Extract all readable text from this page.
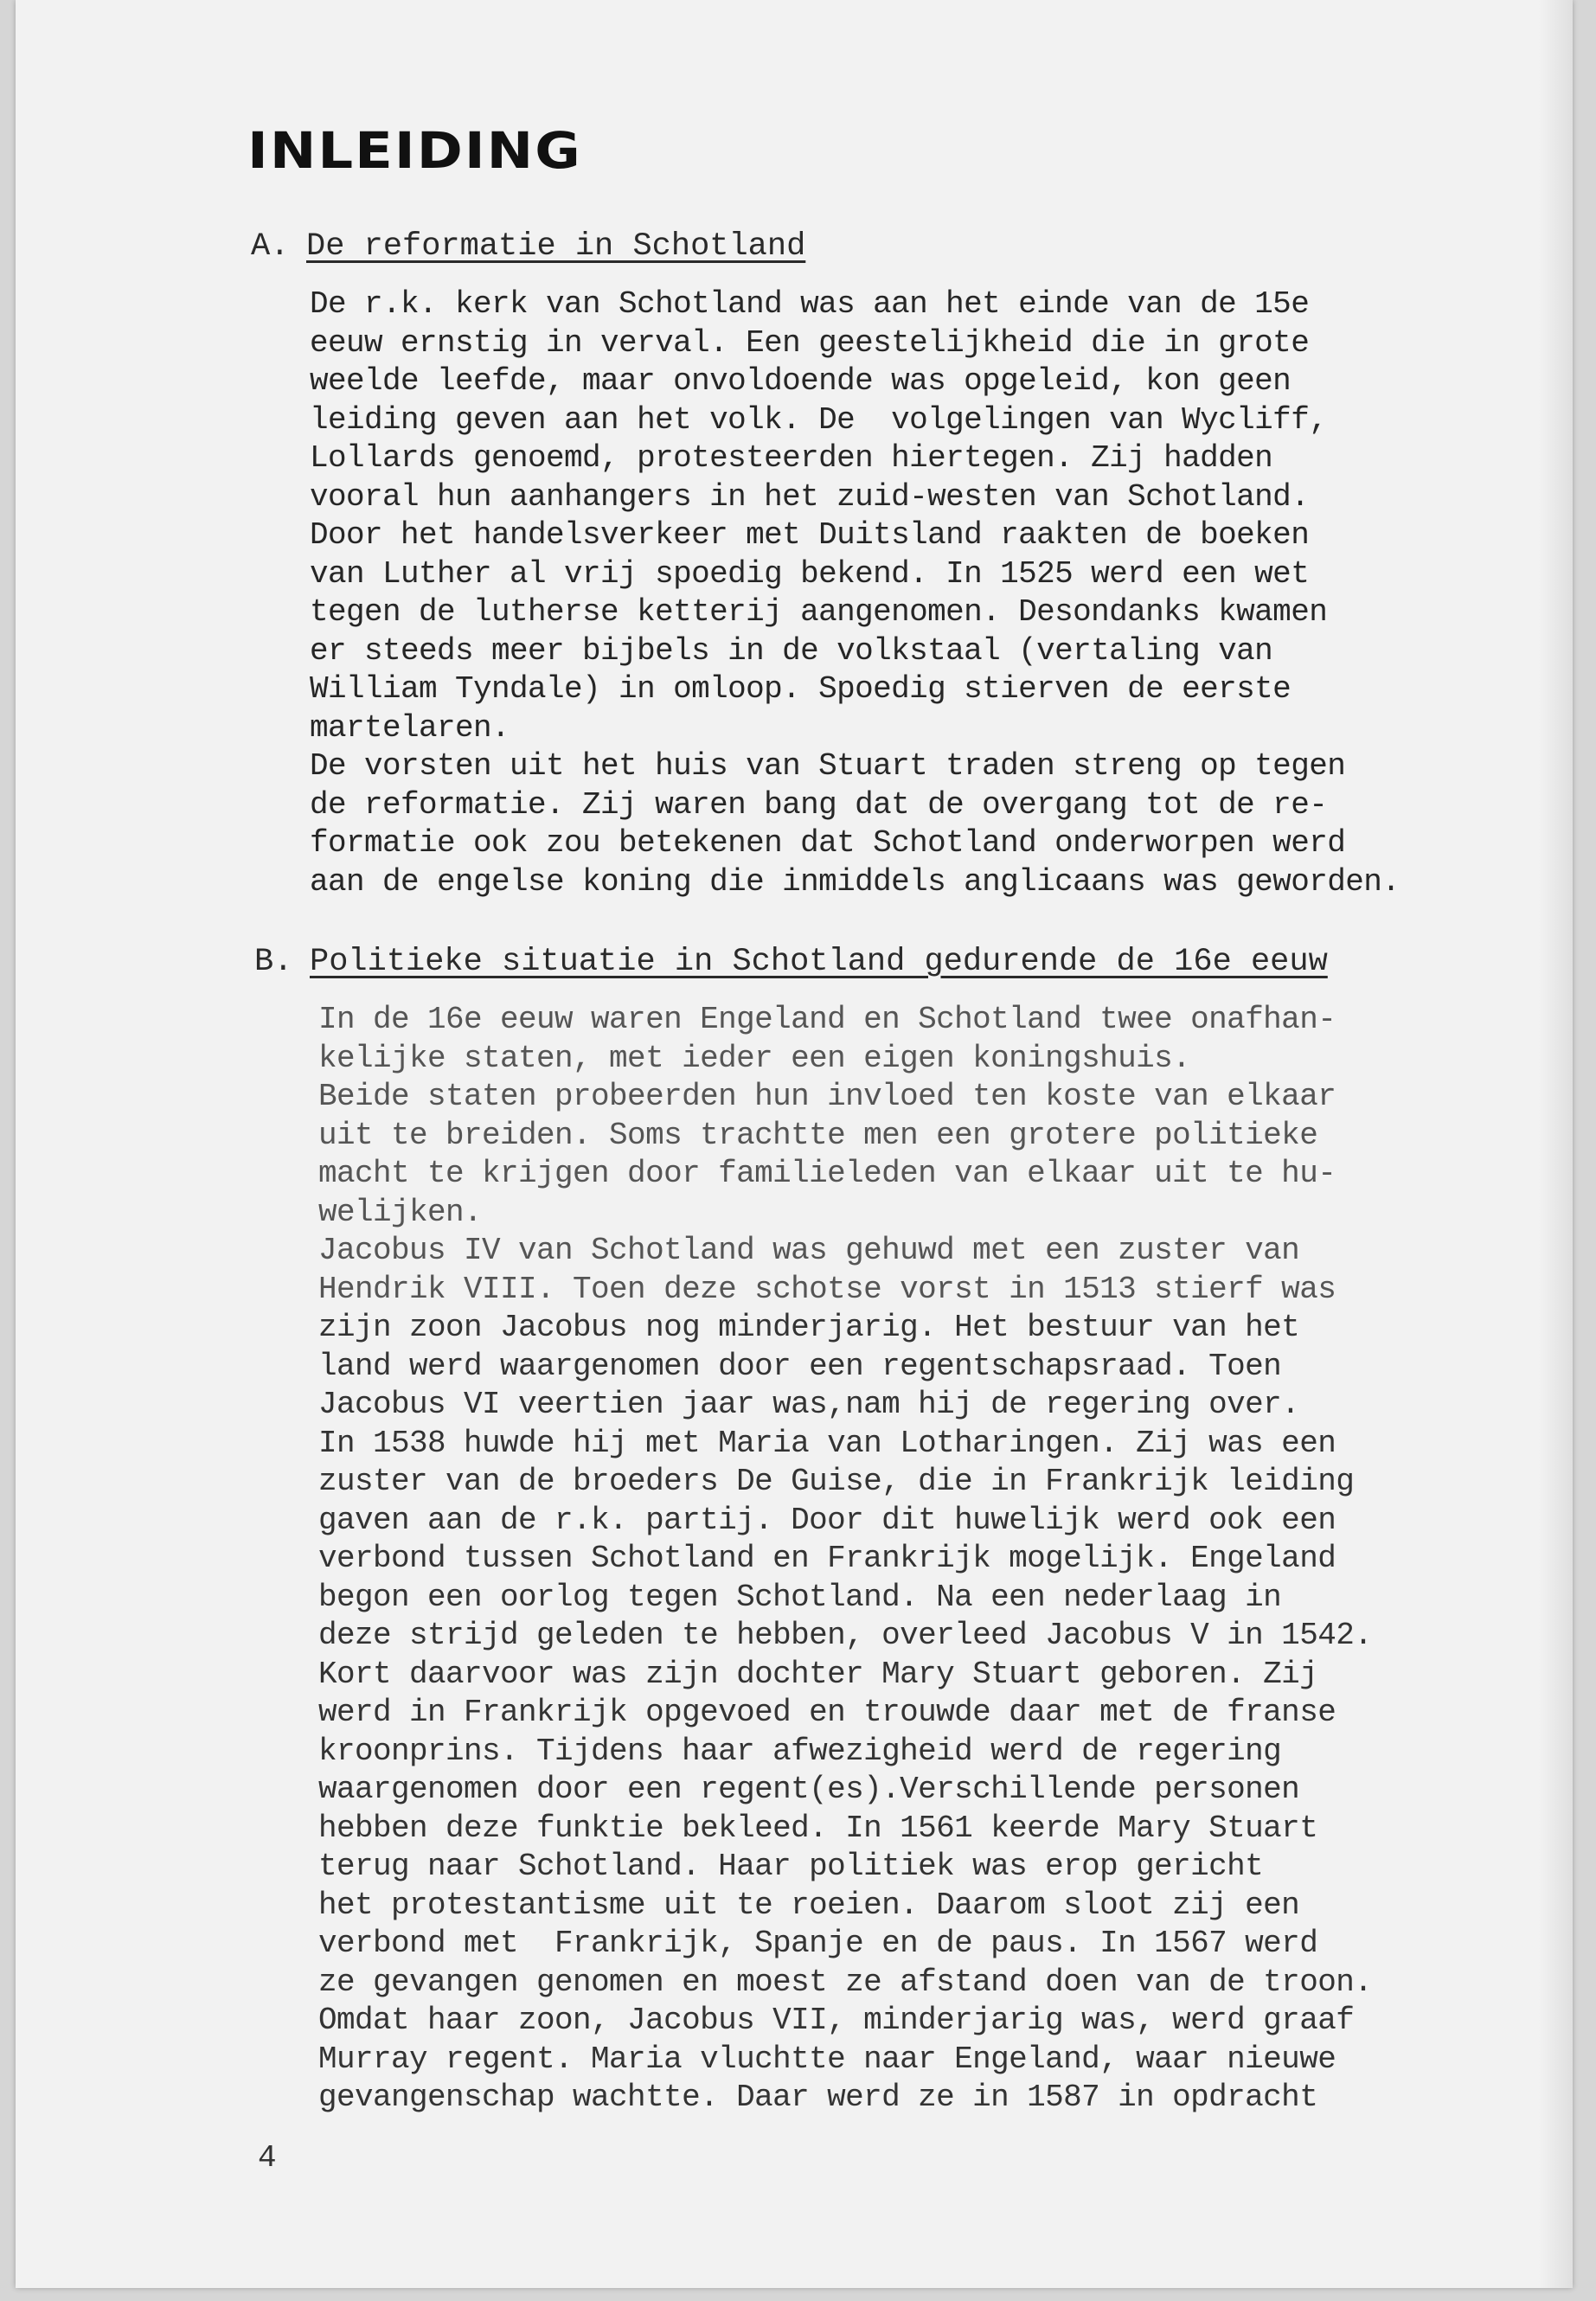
INLEIDING
A. De reformatie in Schotland
De r.k. kerk van Schotland was aan het einde van de 15e
eeuw ernstig in verval. Een geestelijkheid die in grote
weelde leefde, maar onvoldoende was opgeleid, kon geen
leiding geven aan het volk. De  volgelingen van Wycliff,
Lollards genoemd, protesteerden hiertegen. Zij hadden
vooral hun aanhangers in het zuid-westen van Schotland.
Door het handelsverkeer met Duitsland raakten de boeken
van Luther al vrij spoedig bekend. In 1525 werd een wet
tegen de lutherse ketterij aangenomen. Desondanks kwamen
er steeds meer bijbels in de volkstaal (vertaling van
William Tyndale) in omloop. Spoedig stierven de eerste
martelaren.
De vorsten uit het huis van Stuart traden streng op tegen
de reformatie. Zij waren bang dat de overgang tot de re-
formatie ook zou betekenen dat Schotland onderworpen werd
aan de engelse koning die inmiddels anglicaans was geworden.
B. Politieke situatie in Schotland gedurende de 16e eeuw
In de 16e eeuw waren Engeland en Schotland twee onafhan-
kelijke staten, met ieder een eigen koningshuis.
Beide staten probeerden hun invloed ten koste van elkaar
uit te breiden. Soms trachtte men een grotere politieke
macht te krijgen door familieleden van elkaar uit te hu-
welijken.
Jacobus IV van Schotland was gehuwd met een zuster van
Hendrik VIII. Toen deze schotse vorst in 1513 stierf was
zijn zoon Jacobus nog minderjarig. Het bestuur van het
land werd waargenomen door een regentschapsraad. Toen
Jacobus VI veertien jaar was,nam hij de regering over.
In 1538 huwde hij met Maria van Lotharingen. Zij was een
zuster van de broeders De Guise, die in Frankrijk leiding
gaven aan de r.k. partij. Door dit huwelijk werd ook een
verbond tussen Schotland en Frankrijk mogelijk. Engeland
begon een oorlog tegen Schotland. Na een nederlaag in
deze strijd geleden te hebben, overleed Jacobus V in 1542.
Kort daarvoor was zijn dochter Mary Stuart geboren. Zij
werd in Frankrijk opgevoed en trouwde daar met de franse
kroonprins. Tijdens haar afwezigheid werd de regering
waargenomen door een regent(es).Verschillende personen
hebben deze funktie bekleed. In 1561 keerde Mary Stuart
terug naar Schotland. Haar politiek was erop gericht
het protestantisme uit te roeien. Daarom sloot zij een
verbond met  Frankrijk, Spanje en de paus. In 1567 werd
ze gevangen genomen en moest ze afstand doen van de troon.
Omdat haar zoon, Jacobus VII, minderjarig was, werd graaf
Murray regent. Maria vluchtte naar Engeland, waar nieuwe
gevangenschap wachtte. Daar werd ze in 1587 in opdracht
4
